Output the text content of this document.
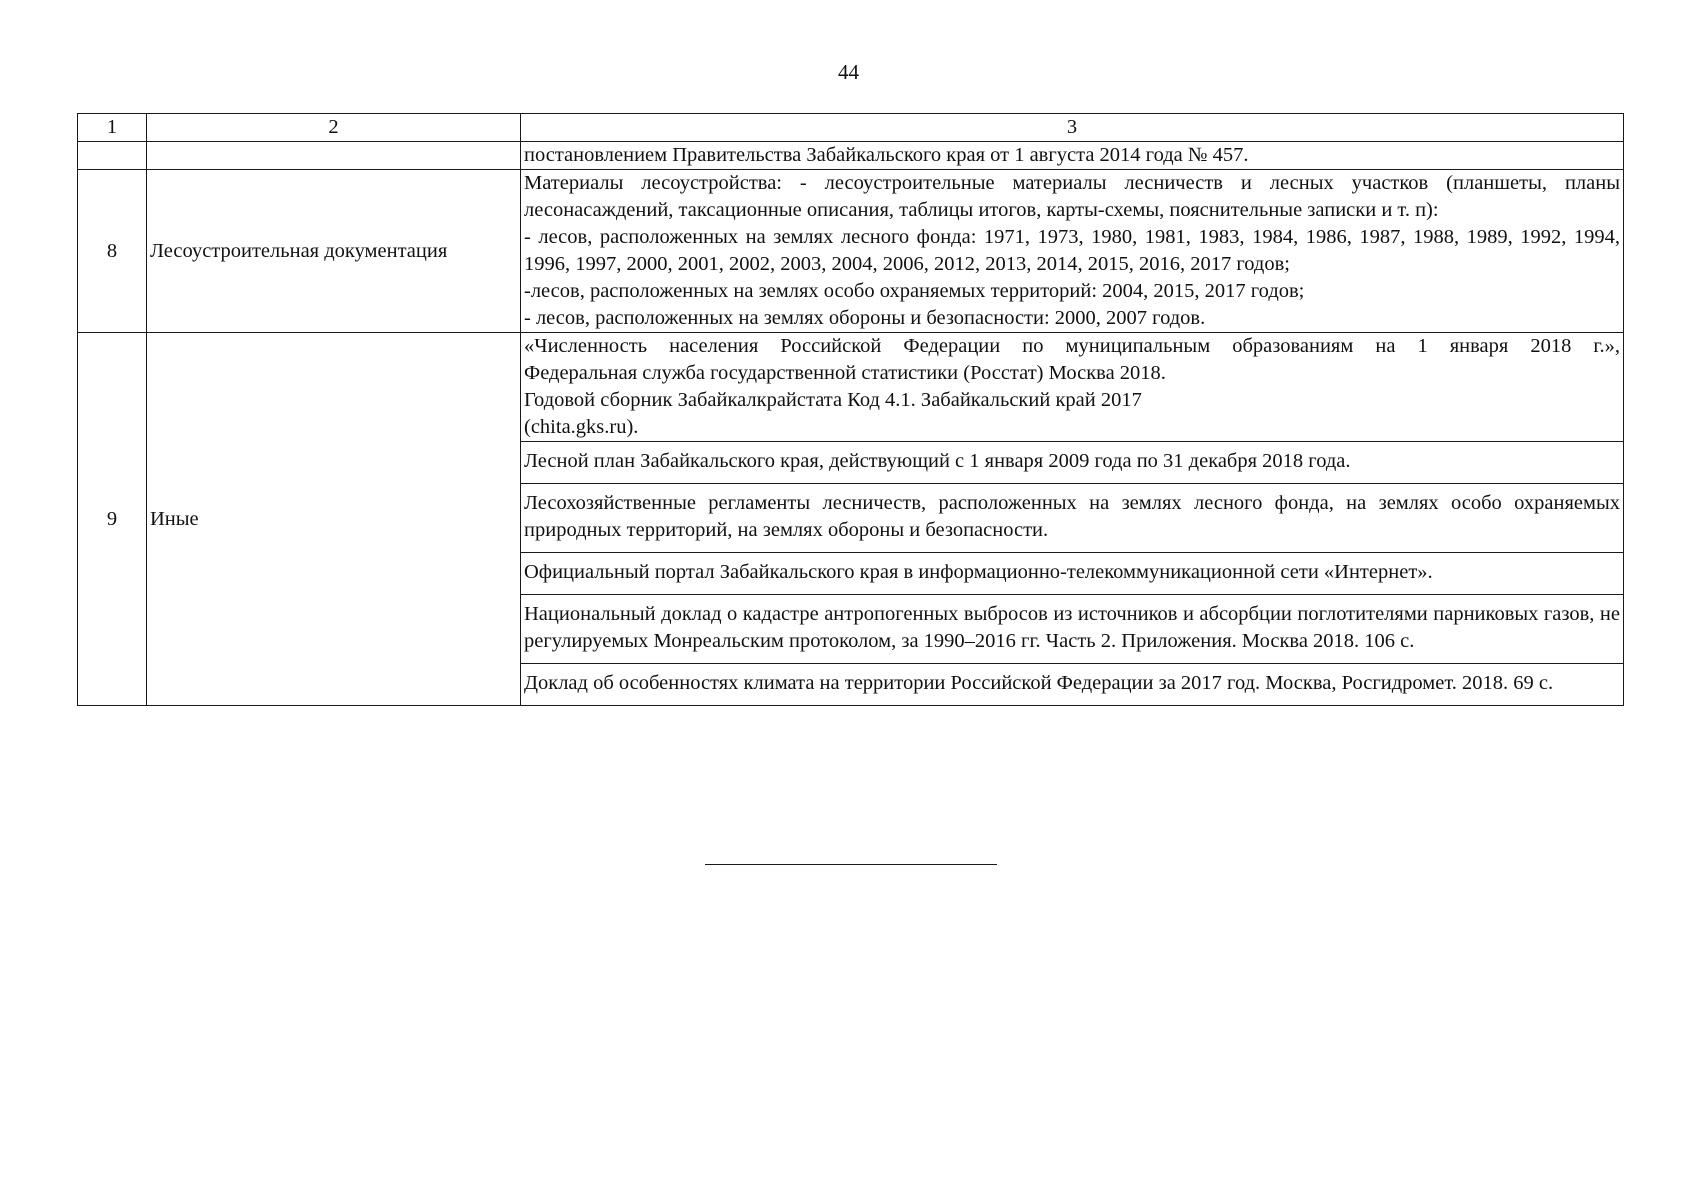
44
1	2	3
		постановлением Правительства Забайкальского края от 1 августа 2014 года № 457.
8	Лесоустроительная документация	Материалы лесоустройства: - лесоустроительные материалы лесничеств и лесных участков (планшеты, планы лесонасаждений, таксационные описания, таблицы итогов, карты-схемы, пояснительные записки и т. п):
- лесов, расположенных на землях лесного фонда: 1971, 1973, 1980, 1981, 1983, 1984, 1986, 1987, 1988, 1989, 1992, 1994, 1996, 1997, 2000, 2001, 2002, 2003, 2004, 2006, 2012, 2013, 2014, 2015, 2016, 2017 годов;
-лесов, расположенных на землях особо охраняемых территорий: 2004, 2015, 2017 годов;
- лесов, расположенных на землях обороны и безопасности: 2000, 2007 годов.

9	Иные	«Численность населения Российской Федерации по муниципальным образованиям на 1 января 2018 г.»,
Федеральная служба государственной статистики (Росстат) Москва 2018.
Годовой сборник Забайкалкрайстата Код 4.1. Забайкальский край 2017
(chita.gks.ru).

		Лесной план Забайкальского края, действующий с 1 января 2009 года по 31 декабря 2018 года.
		Лесохозяйственные регламенты лесничеств, расположенных на землях лесного фонда, на землях особо охраняемых природных территорий, на землях обороны и безопасности.
		Официальный портал Забайкальского края в информационно-телекоммуникационной сети «Интернет».
		Национальный доклад о кадастре антропогенных выбросов из источников и абсорбции поглотителями парниковых газов, не регулируемых Монреальским протоколом, за 1990–2016 гг. Часть 2. Приложения. Москва 2018. 106 с.
		Доклад об особенностях климата на территории Российской Федерации за 2017 год. Москва, Росгидромет. 2018. 69 с.
